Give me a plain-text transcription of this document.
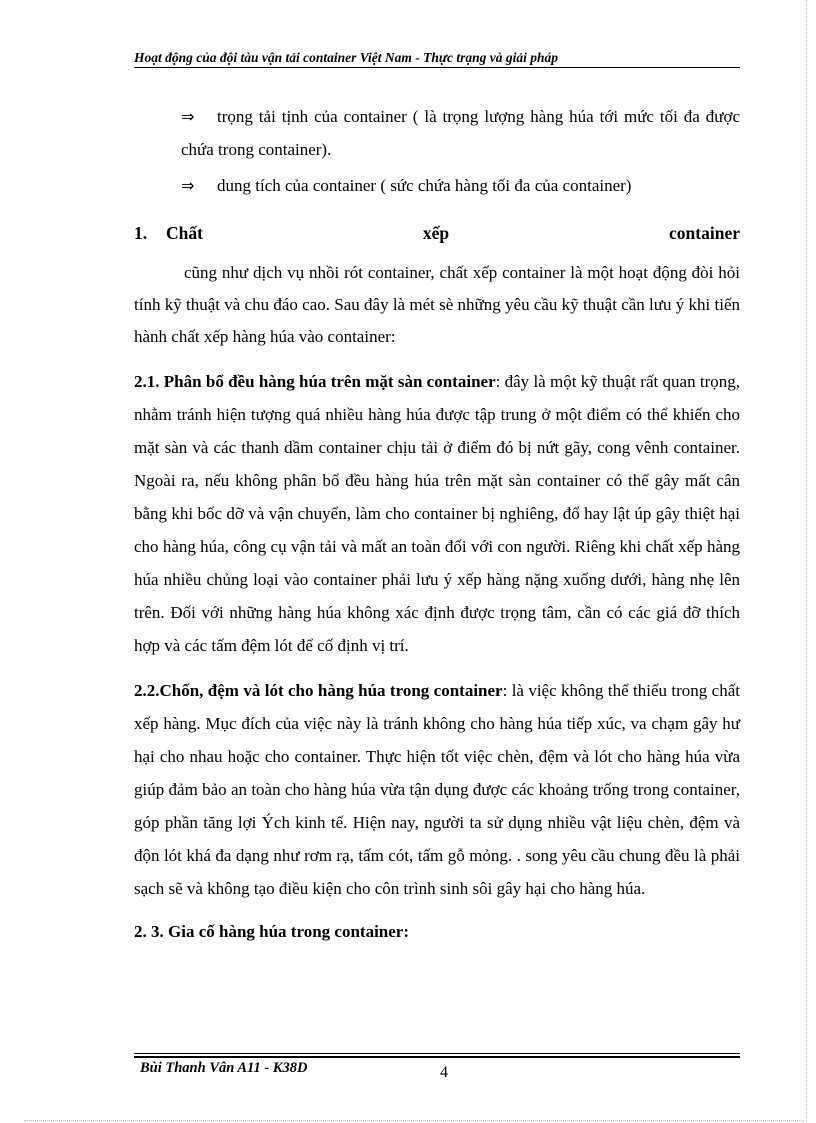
Hoạt động của đội tàu vận tải container Việt Nam - Thực trạng và giải pháp

⇒ trọng tải tịnh của container ( là trọng lượng hàng húa tới mức tối đa được chứa trong container).

⇒ dung tích của container ( sức chứa hàng tối đa của container)

1.	Chất	xếp	container

cũng như dịch vụ nhồi rót container, chất xếp container là một hoạt động đòi hỏi tính kỹ thuật và chu đáo cao. Sau đây là mét sè những yêu cầu kỹ thuật cần lưu ý khi tiến hành chất xếp hàng húa vào container:

2.1. Phân bổ đều hàng húa trên mặt sàn container: đây là một kỹ thuật rất quan trọng, nhằm tránh hiện tượng quá nhiều hàng húa được tập trung ở một điểm có thể khiến cho mặt sàn và các thanh dầm container chịu tải ở điểm đó bị nứt gãy, cong vênh container. Ngoài ra, nếu không phân bổ đều hàng húa trên mặt sàn container có thể gây mất cân bằng khi bốc dỡ và vận chuyển, làm cho container bị nghiêng, đổ hay lật úp gây thiệt hại cho hàng húa, công cụ vận tải và mất an toàn đối với con người. Riêng khi chất xếp hàng húa nhiều chủng loại vào container phải lưu ý xếp hàng nặng xuống dưới, hàng nhẹ lên trên. Đối với những hàng húa không xác định được trọng tâm, cần có các giá đỡ thích hợp và các tấm đệm lót để cố định vị trí.

2.2.Chốn, đệm và lót cho hàng húa trong container: là việc không thể thiếu trong chất xếp hàng. Mục đích của việc này là tránh không cho hàng húa tiếp xúc, va chạm gây hư hại cho nhau hoặc cho container. Thực hiện tốt việc chèn, đệm và lót cho hàng húa vừa giúp đảm bảo an toàn cho hàng húa vừa tận dụng được các khoảng trống trong container, góp phần tăng lợi Ých kinh tế. Hiện nay, người ta sử dụng nhiều vật liệu chèn, đệm và độn lót khá đa dạng như rơm rạ, tấm cót, tấm gỗ mỏng. . song yêu cầu chung đều là phải sạch sẽ và không tạo điều kiện cho côn trình sinh sôi gây hại cho hàng húa.

2. 3. Gia cố hàng húa trong container:

Bùi Thanh Vân A11 - K38D	4
